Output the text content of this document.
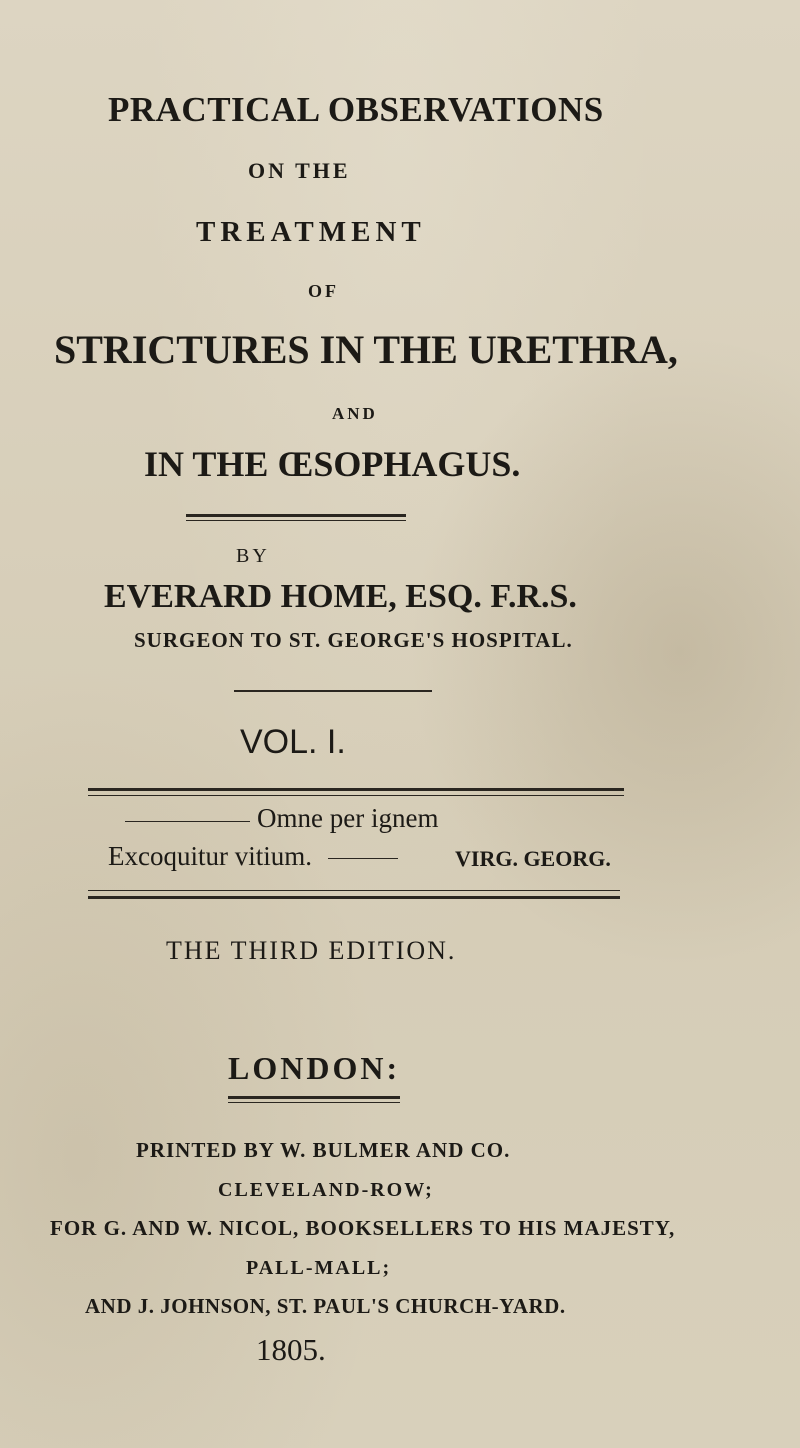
PRACTICAL OBSERVATIONS
ON THE
TREATMENT
OF
STRICTURES IN THE URETHRA,
AND
IN THE ŒSOPHAGUS.
BY
EVERARD HOME, ESQ. F.R.S.
SURGEON TO ST. GEORGE'S HOSPITAL.
VOL. I.
Omne per ignem
Excoquitur vitium.	VIRG. GEORG.
THE THIRD EDITION.
LONDON:
PRINTED BY W. BULMER AND CO.
CLEVELAND-ROW;
FOR G. AND W. NICOL, BOOKSELLERS TO HIS MAJESTY,
PALL-MALL;
AND J. JOHNSON, ST. PAUL'S CHURCH-YARD.
1805.
